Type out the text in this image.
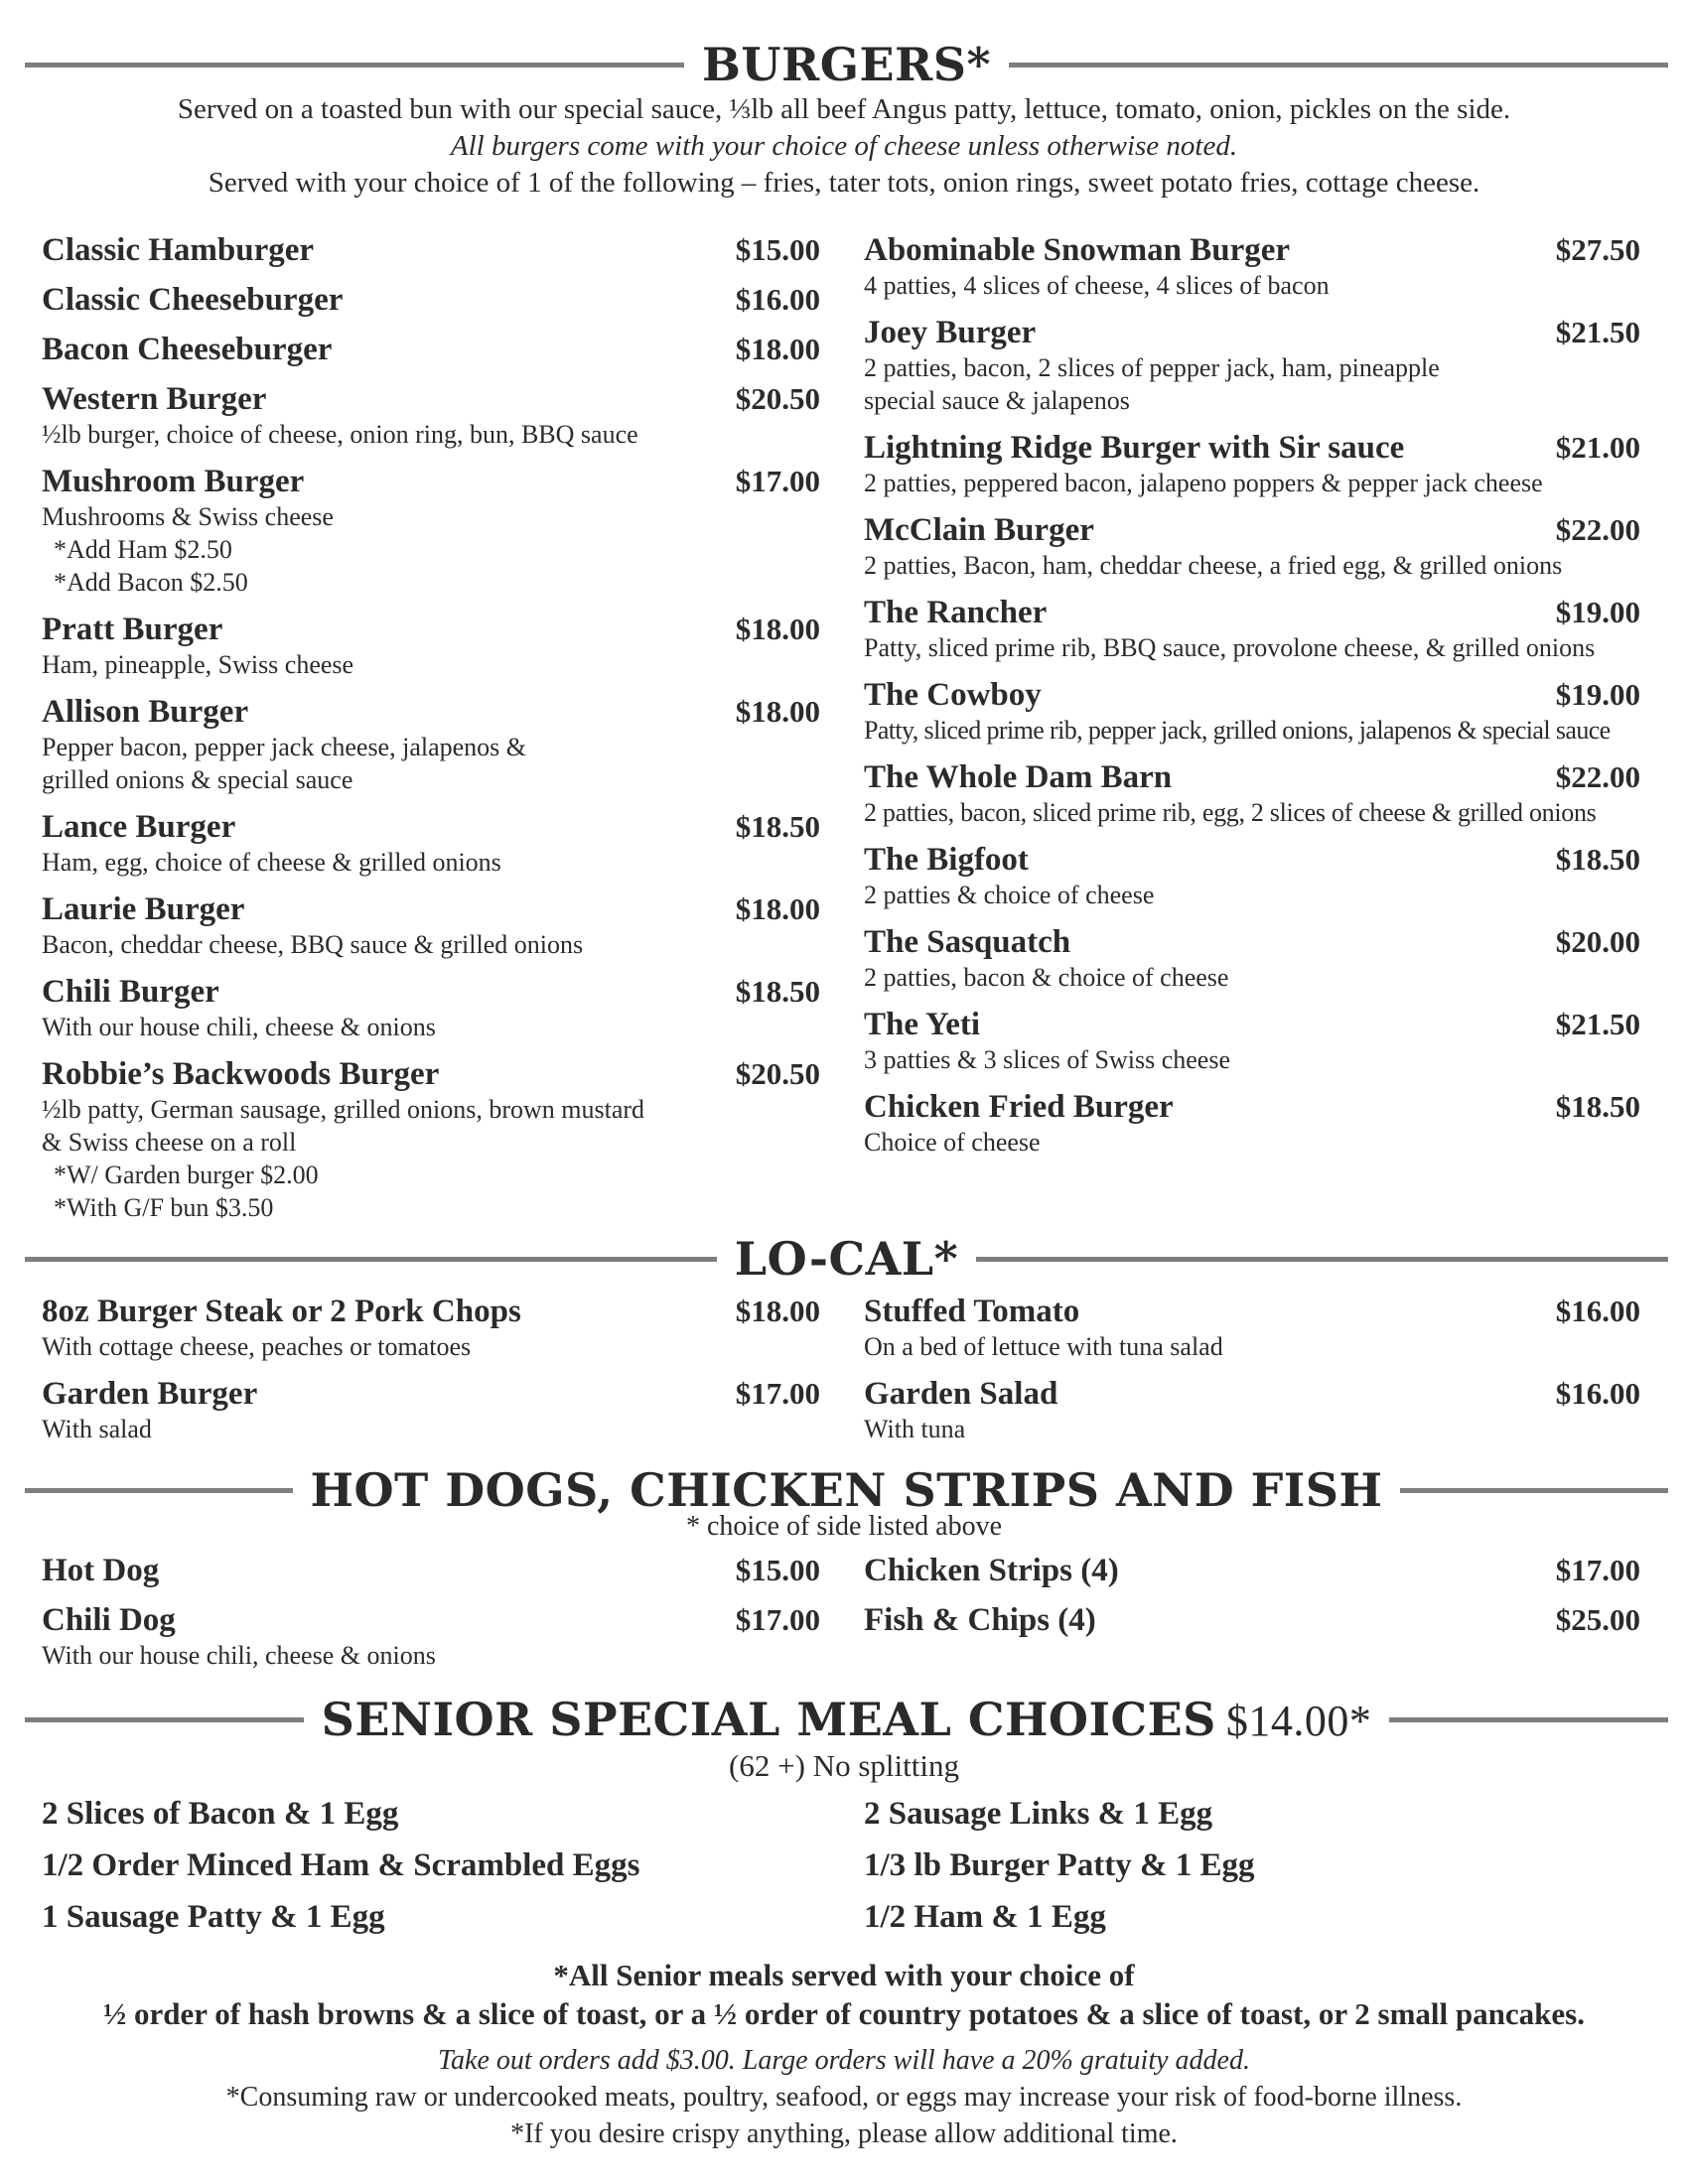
BURGERS*
Served on a toasted bun with our special sauce, ⅓lb all beef Angus patty, lettuce, tomato, onion, pickles on the side.
All burgers come with your choice of cheese unless otherwise noted.
Served with your choice of 1 of the following – fries, tater tots, onion rings, sweet potato fries, cottage cheese.
Classic Hamburger	$15.00
Classic Cheeseburger	$16.00
Bacon Cheeseburger	$18.00
Western Burger	$20.50
½lb burger, choice of cheese, onion ring, bun, BBQ sauce
Mushroom Burger	$17.00
Mushrooms & Swiss cheese
*Add Ham $2.50
*Add Bacon $2.50
Pratt Burger	$18.00
Ham, pineapple, Swiss cheese
Allison Burger	$18.00
Pepper bacon, pepper jack cheese, jalapenos &
grilled onions & special sauce
Lance Burger	$18.50
Ham, egg, choice of cheese & grilled onions
Laurie Burger	$18.00
Bacon, cheddar cheese, BBQ sauce & grilled onions
Chili Burger	$18.50
With our house chili, cheese & onions
Robbie’s Backwoods Burger	$20.50
½lb patty, German sausage, grilled onions, brown mustard
& Swiss cheese on a roll
*W/ Garden burger $2.00
*With G/F bun $3.50
Abominable Snowman Burger	$27.50
4 patties, 4 slices of cheese, 4 slices of bacon
Joey Burger	$21.50
2 patties, bacon, 2 slices of pepper jack, ham, pineapple
special sauce & jalapenos
Lightning Ridge Burger with Sir sauce	$21.00
2 patties, peppered bacon, jalapeno poppers & pepper jack cheese
McClain Burger	$22.00
2 patties, Bacon, ham, cheddar cheese, a fried egg, & grilled onions
The Rancher	$19.00
Patty, sliced prime rib, BBQ sauce, provolone cheese, & grilled onions
The Cowboy	$19.00
Patty, sliced prime rib, pepper jack, grilled onions, jalapenos & special sauce
The Whole Dam Barn	$22.00
2 patties, bacon, sliced prime rib, egg, 2 slices of cheese & grilled onions
The Bigfoot	$18.50
2 patties & choice of cheese
The Sasquatch	$20.00
2 patties, bacon & choice of cheese
The Yeti	$21.50
3 patties & 3 slices of Swiss cheese
Chicken Fried Burger	$18.50
Choice of cheese
LO-CAL*
8oz Burger Steak or 2 Pork Chops	$18.00
With cottage cheese, peaches or tomatoes
Garden Burger	$17.00
With salad
Stuffed Tomato	$16.00
On a bed of lettuce with tuna salad
Garden Salad	$16.00
With tuna
HOT DOGS, CHICKEN STRIPS AND FISH
* choice of side listed above
Hot Dog	$15.00
Chili Dog	$17.00
With our house chili, cheese & onions
Chicken Strips (4)	$17.00
Fish & Chips (4)	$25.00
SENIOR SPECIAL MEAL CHOICES $14.00*
(62 +) No splitting
2 Slices of Bacon & 1 Egg
1/2 Order Minced Ham & Scrambled Eggs
1 Sausage Patty & 1 Egg
2 Sausage Links & 1 Egg
1/3 lb Burger Patty & 1 Egg
1/2 Ham & 1 Egg
*All Senior meals served with your choice of
½ order of hash browns & a slice of toast, or a ½ order of country potatoes & a slice of toast, or 2 small pancakes.
Take out orders add $3.00. Large orders will have a 20% gratuity added.
*Consuming raw or undercooked meats, poultry, seafood, or eggs may increase your risk of food-borne illness.
*If you desire crispy anything, please allow additional time.
